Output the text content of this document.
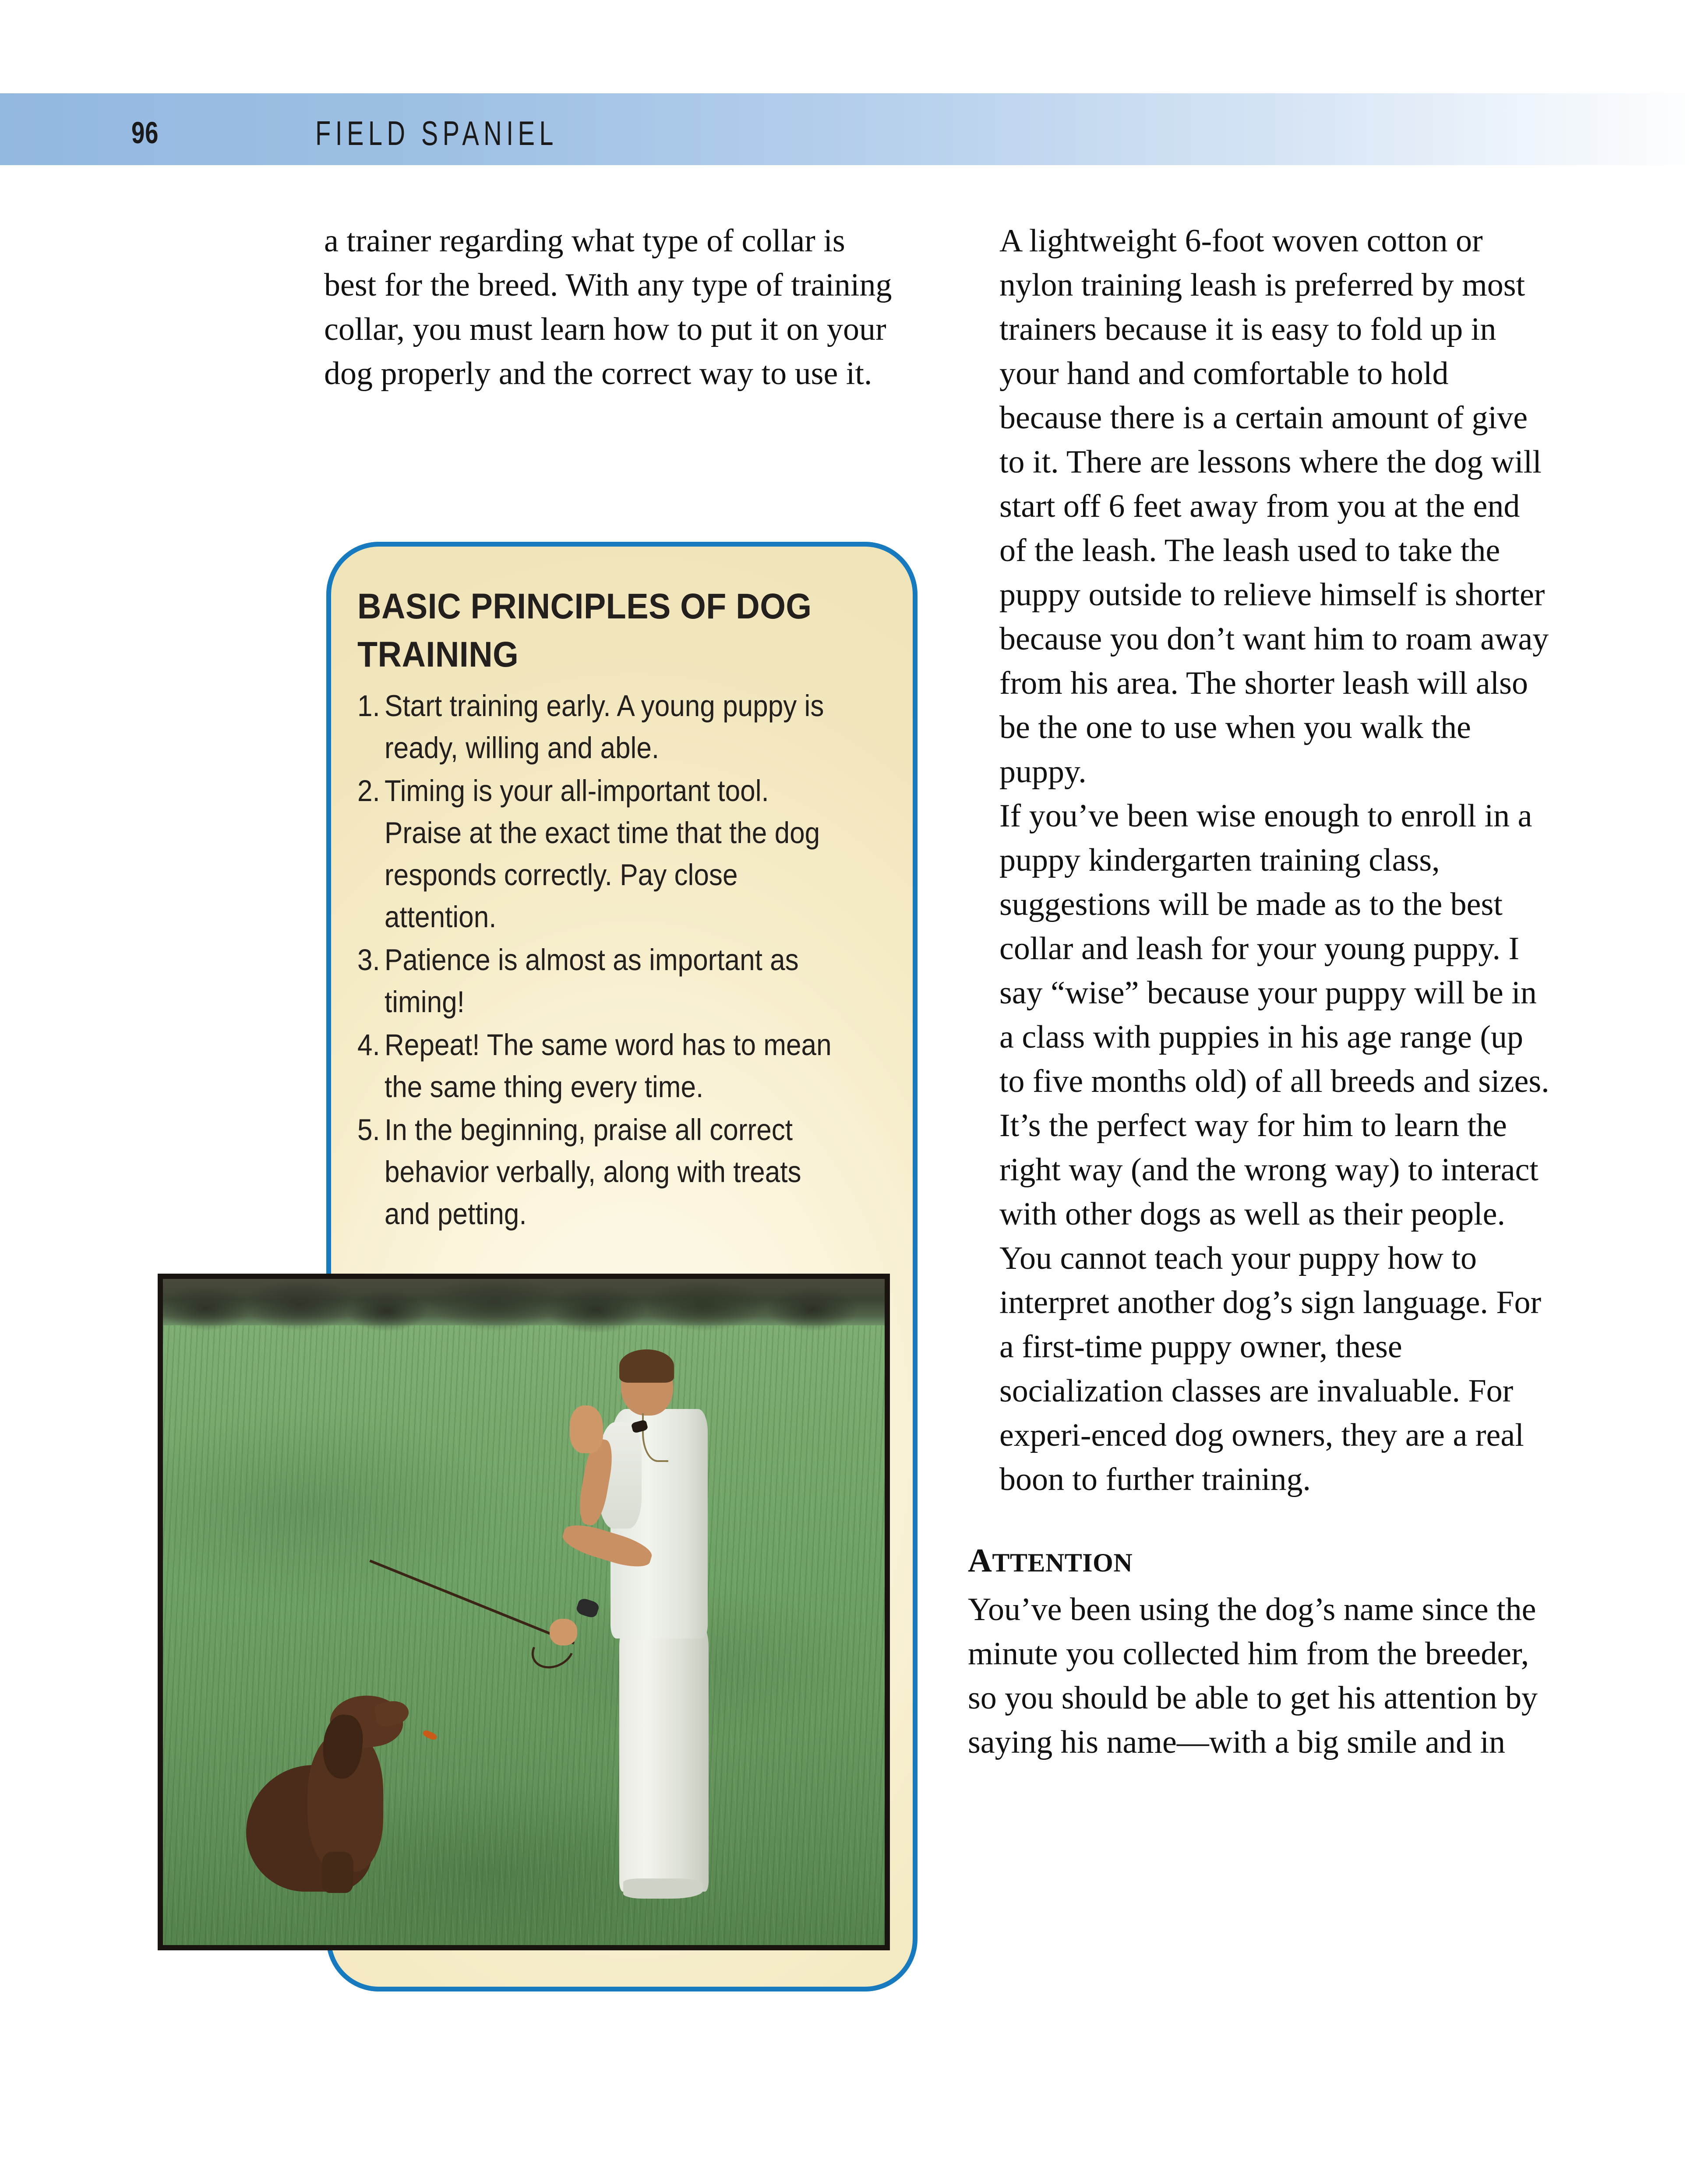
96	FIELD SPANIEL

a trainer regarding what type of collar is best for the breed. With any type of training collar, you must learn how to put it on your dog properly and the correct way to use it.

BASIC PRINCIPLES OF DOG TRAINING
1. Start training early. A young puppy is ready, willing and able.
2. Timing is your all-important tool. Praise at the exact time that the dog responds correctly. Pay close attention.
3. Patience is almost as important as timing!
4. Repeat! The same word has to mean the same thing every time.
5. In the beginning, praise all correct behavior verbally, along with treats and petting.

A lightweight 6-foot woven cotton or nylon training leash is preferred by most trainers because it is easy to fold up in your hand and comfortable to hold because there is a certain amount of give to it. There are lessons where the dog will start off 6 feet away from you at the end of the leash. The leash used to take the puppy outside to relieve himself is shorter because you don’t want him to roam away from his area. The shorter leash will also be the one to use when you walk the puppy.

If you’ve been wise enough to enroll in a puppy kindergarten training class, suggestions will be made as to the best collar and leash for your young puppy. I say “wise” because your puppy will be in a class with puppies in his age range (up to five months old) of all breeds and sizes. It’s the perfect way for him to learn the right way (and the wrong way) to interact with other dogs as well as their people. You cannot teach your puppy how to interpret another dog’s sign language. For a first-time puppy owner, these socialization classes are invaluable. For experi-enced dog owners, they are a real boon to further training.

ATTENTION

You’ve been using the dog’s name since the minute you collected him from the breeder, so you should be able to get his attention by saying his name—with a big smile and in
